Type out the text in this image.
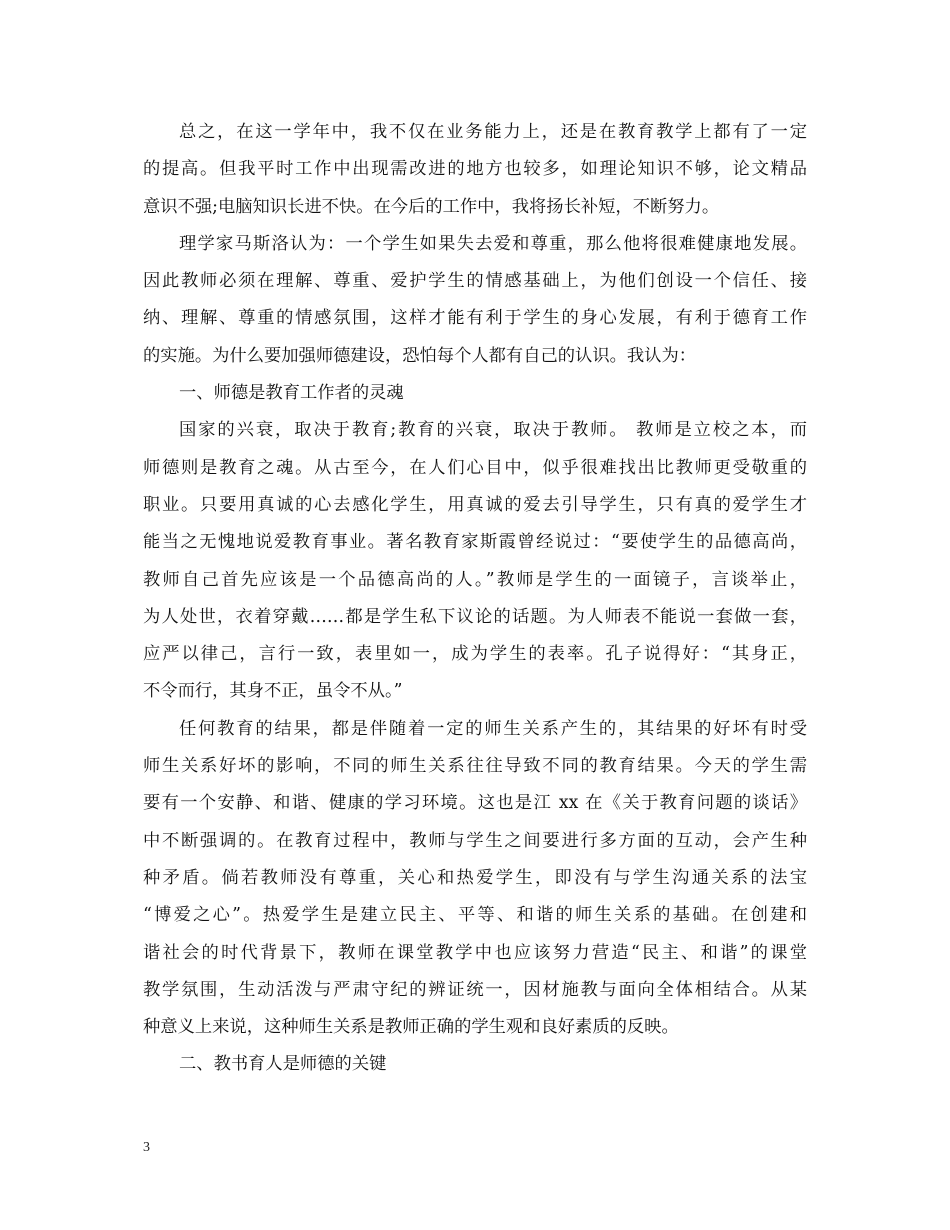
总之，在这一学年中，我不仅在业务能力上，还是在教育教学上都有了一定
的提高。但我平时工作中出现需改进的地方也较多，如理论知识不够，论文精品
意识不强;电脑知识长进不快。在今后的工作中，我将扬长补短，不断努力。
理学家马斯洛认为：一个学生如果失去爱和尊重，那么他将很难健康地发展。
因此教师必须在理解、尊重、爱护学生的情感基础上，为他们创设一个信任、接
纳、理解、尊重的情感氛围，这样才能有利于学生的身心发展，有利于德育工作
的实施。为什么要加强师德建设，恐怕每个人都有自己的认识。我认为：
一、师德是教育工作者的灵魂
国家的兴衰，取决于教育;教育的兴衰，取决于教师。 教师是立校之本，而
师德则是教育之魂。从古至今，在人们心目中，似乎很难找出比教师更受敬重的
职业。只要用真诚的心去感化学生，用真诚的爱去引导学生，只有真的爱学生才
能当之无愧地说爱教育事业。著名教育家斯霞曾经说过：“要使学生的品德高尚，
教师自己首先应该是一个品德高尚的人。”教师是学生的一面镜子，言谈举止，
为人处世，衣着穿戴……都是学生私下议论的话题。为人师表不能说一套做一套，
应严以律己，言行一致，表里如一，成为学生的表率。孔子说得好：“其身正，
不令而行，其身不正，虽令不从。”
任何教育的结果，都是伴随着一定的师生关系产生的，其结果的好坏有时受
师生关系好坏的影响，不同的师生关系往往导致不同的教育结果。今天的学生需
要有一个安静、和谐、健康的学习环境。这也是江 xx 在《关于教育问题的谈话》
中不断强调的。在教育过程中，教师与学生之间要进行多方面的互动，会产生种
种矛盾。倘若教师没有尊重，关心和热爱学生，即没有与学生沟通关系的法宝
“博爱之心”。热爱学生是建立民主、平等、和谐的师生关系的基础。在创建和
谐社会的时代背景下，教师在课堂教学中也应该努力营造“民主、和谐”的课堂
教学氛围，生动活泼与严肃守纪的辨证统一，因材施教与面向全体相结合。从某
种意义上来说，这种师生关系是教师正确的学生观和良好素质的反映。
二、教书育人是师德的关键
3
